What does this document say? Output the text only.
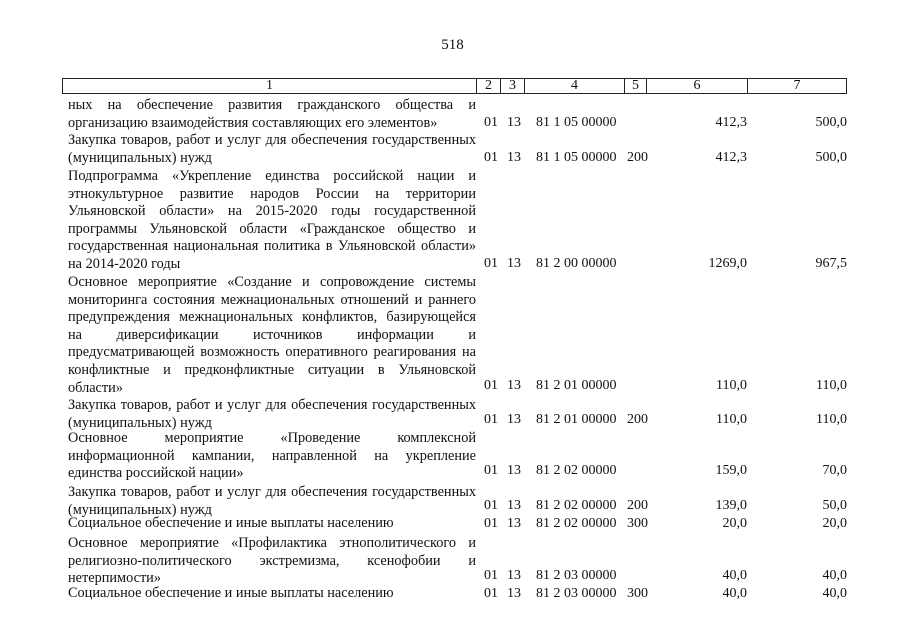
518
1	2	3	4	5	6	7
ных на обеспечение развития гражданского общества и организацию взаимодействия составляющих его элементов»	01 13 81 1 05 00000	412,3	500,0
Закупка товаров, работ и услуг для обеспечения государственных (муниципальных) нужд	01 13 81 1 05 00000 200	412,3	500,0
Подпрограмма «Укрепление единства российской нации и этнокультурное развитие народов России на территории Ульяновской области» на 2015-2020 годы государственной программы Ульяновской области «Гражданское общество и государственная национальная политика в Ульяновской области» на 2014-2020 годы	01 13 81 2 00 00000	1269,0	967,5
Основное мероприятие «Создание и сопровождение системы мониторинга состояния межнациональных отношений и раннего предупреждения межнациональных конфликтов, базирующейся на диверсификации источников информации и предусматривающей возможность оперативного реагирования на конфликтные и предконфликтные ситуации в Ульяновской области»	01 13 81 2 01 00000	110,0	110,0
Закупка товаров, работ и услуг для обеспечения государственных (муниципальных) нужд	01 13 81 2 01 00000 200	110,0	110,0
Основное мероприятие «Проведение комплексной информационной кампании, направленной на укрепление единства российской нации»	01 13 81 2 02 00000	159,0	70,0
Закупка товаров, работ и услуг для обеспечения государственных (муниципальных) нужд	01 13 81 2 02 00000 200	139,0	50,0
Социальное обеспечение и иные выплаты населению	01 13 81 2 02 00000 300	20,0	20,0
Основное мероприятие «Профилактика этнополитического и религиозно-политического экстремизма, ксенофобии и нетерпимости»	01 13 81 2 03 00000	40,0	40,0
Социальное обеспечение и иные выплаты населению	01 13 81 2 03 00000 300	40,0	40,0
